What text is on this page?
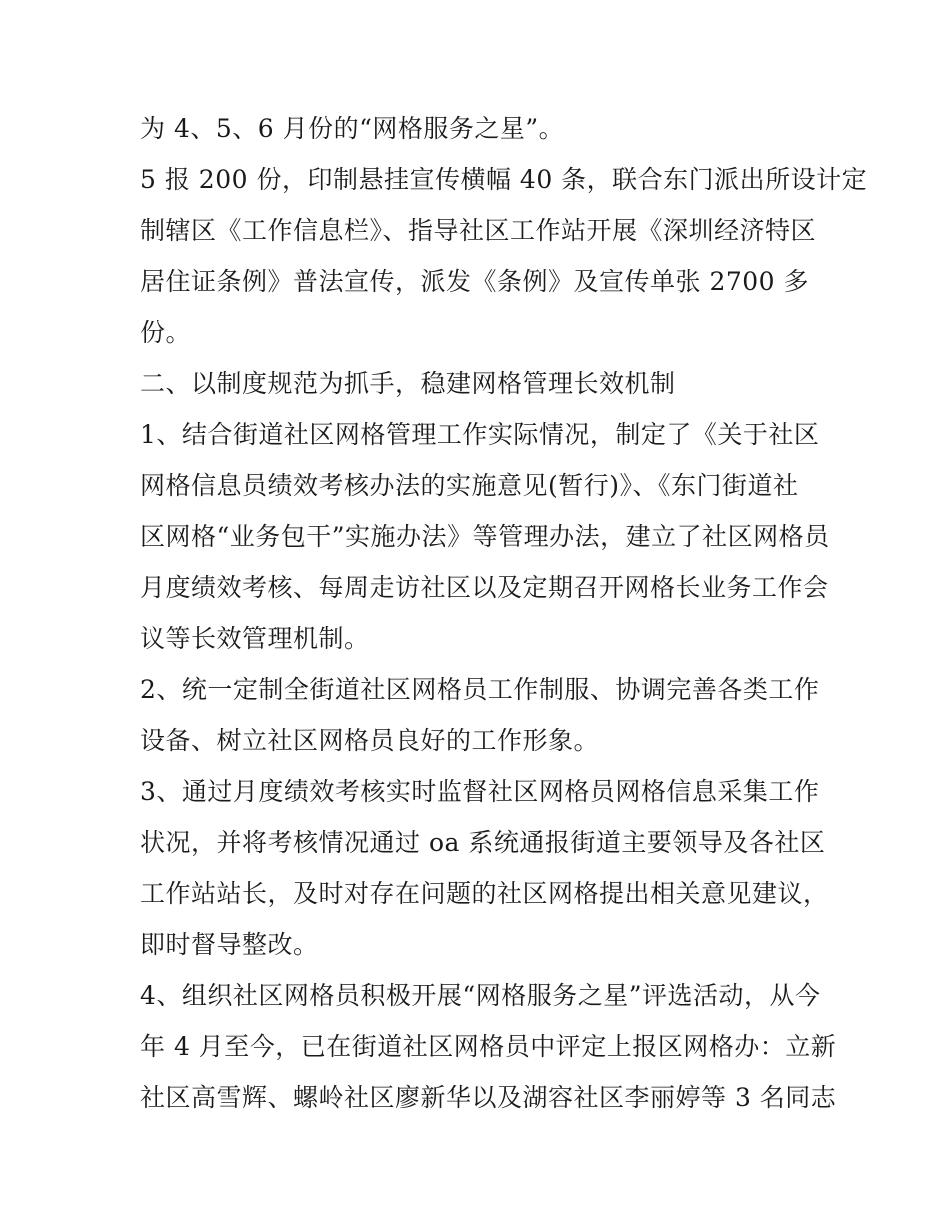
为 4、5、6 月份的“网格服务之星”。
5 报 200 份，印制悬挂宣传横幅 40 条，联合东门派出所设计定
制辖区《工作信息栏》、指导社区工作站开展《深圳经济特区
居住证条例》普法宣传，派发《条例》及宣传单张 2700 多
份。
二、以制度规范为抓手，稳建网格管理长效机制
1、结合街道社区网格管理工作实际情况，制定了《关于社区
网格信息员绩效考核办法的实施意见(暂行)》、《东门街道社
区网格“业务包干”实施办法》等管理办法，建立了社区网格员
月度绩效考核、每周走访社区以及定期召开网格长业务工作会
议等长效管理机制。
2、统一定制全街道社区网格员工作制服、协调完善各类工作
设备、树立社区网格员良好的工作形象。
3、通过月度绩效考核实时监督社区网格员网格信息采集工作
状况，并将考核情况通过 oa 系统通报街道主要领导及各社区
工作站站长，及时对存在问题的社区网格提出相关意见建议，
即时督导整改。
4、组织社区网格员积极开展“网格服务之星”评选活动，从今
年 4 月至今，已在街道社区网格员中评定上报区网格办：立新
社区高雪辉、螺岭社区廖新华以及湖容社区李丽婷等 3 名同志
